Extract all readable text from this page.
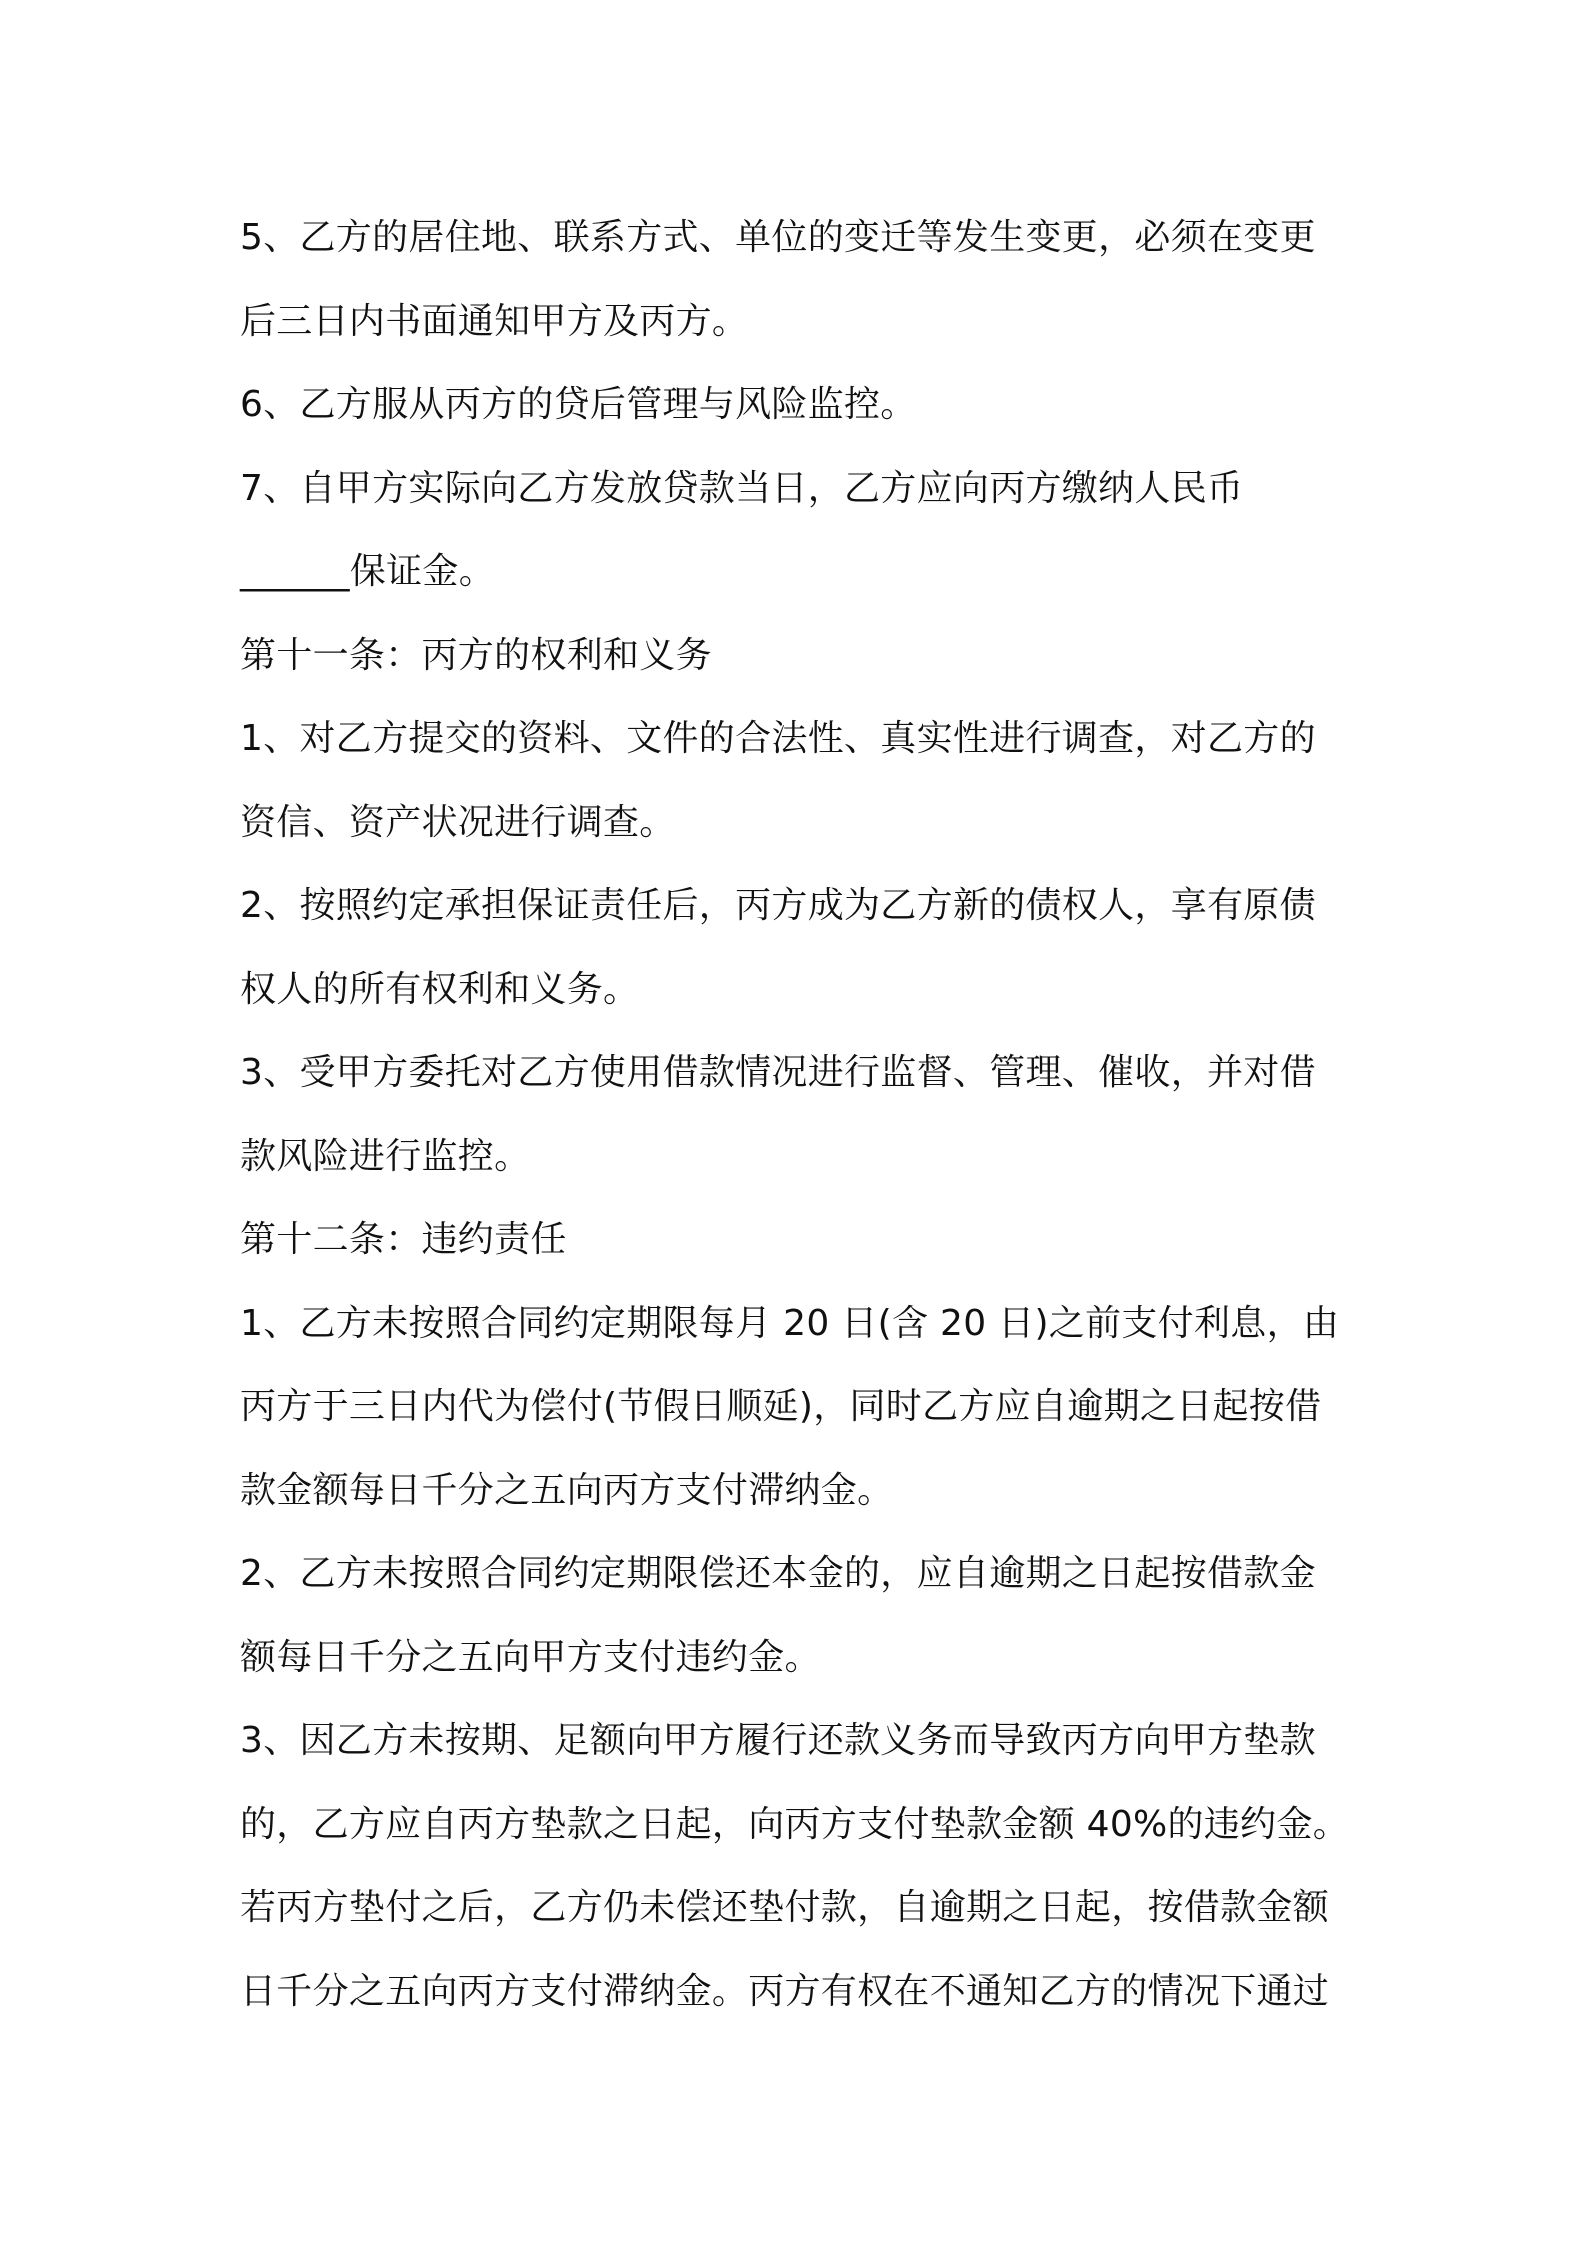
5、乙方的居住地、联系方式、单位的变迁等发生变更，必须在变更
后三日内书面通知甲方及丙方。
6、乙方服从丙方的贷后管理与风险监控。
7、自甲方实际向乙方发放贷款当日，乙方应向丙方缴纳人民币
______保证金。
第十一条：丙方的权利和义务
1、对乙方提交的资料、文件的合法性、真实性进行调查，对乙方的
资信、资产状况进行调查。
2、按照约定承担保证责任后，丙方成为乙方新的债权人，享有原债
权人的所有权利和义务。
3、受甲方委托对乙方使用借款情况进行监督、管理、催收，并对借
款风险进行监控。
第十二条：违约责任
1、乙方未按照合同约定期限每月 20 日(含 20 日)之前支付利息，由
丙方于三日内代为偿付(节假日顺延)，同时乙方应自逾期之日起按借
款金额每日千分之五向丙方支付滞纳金。
2、乙方未按照合同约定期限偿还本金的，应自逾期之日起按借款金
额每日千分之五向甲方支付违约金。
3、因乙方未按期、足额向甲方履行还款义务而导致丙方向甲方垫款
的，乙方应自丙方垫款之日起，向丙方支付垫款金额 40%的违约金。
若丙方垫付之后，乙方仍未偿还垫付款，自逾期之日起，按借款金额
日千分之五向丙方支付滞纳金。丙方有权在不通知乙方的情况下通过
